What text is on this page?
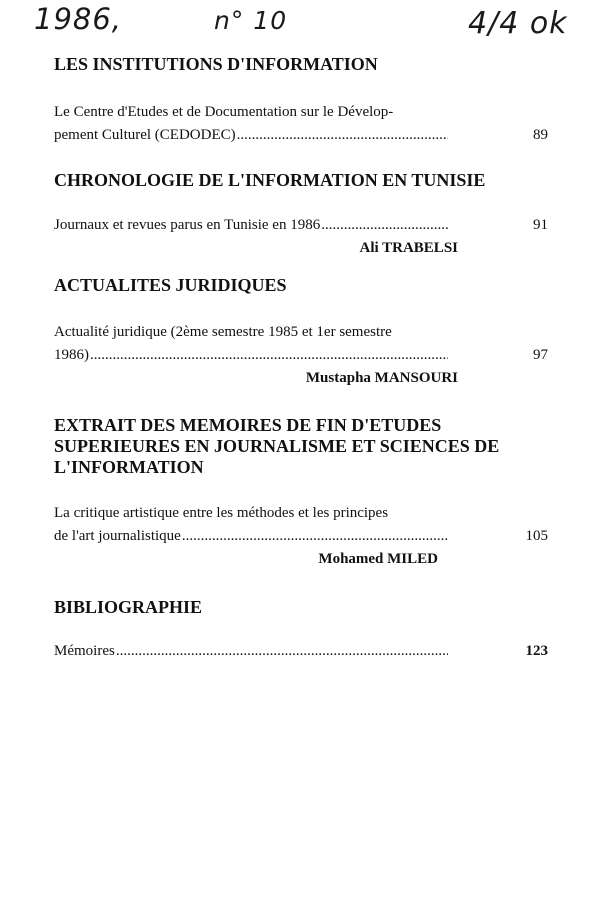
1986,	n° 10	4/4 ok
LES INSTITUTIONS D'INFORMATION
Le Centre d'Etudes et de Documentation sur le Dévelop-
pement Culturel (CEDODEC) .....	89
CHRONOLOGIE DE L'INFORMATION EN TUNISIE
Journaux et revues parus en Tunisie en 1986 .....	91
Ali TRABELSI
ACTUALITES JURIDIQUES
Actualité juridique (2ème semestre 1985 et 1er semestre
1986) .....	97
Mustapha MANSOURI
EXTRAIT DES MEMOIRES DE FIN D'ETUDES
SUPERIEURES EN JOURNALISME ET SCIENCES DE
L'INFORMATION
La critique artistique entre les méthodes et les principes
de l'art journalistique .....	105
Mohamed MILED
BIBLIOGRAPHIE
Mémoires .....	123
